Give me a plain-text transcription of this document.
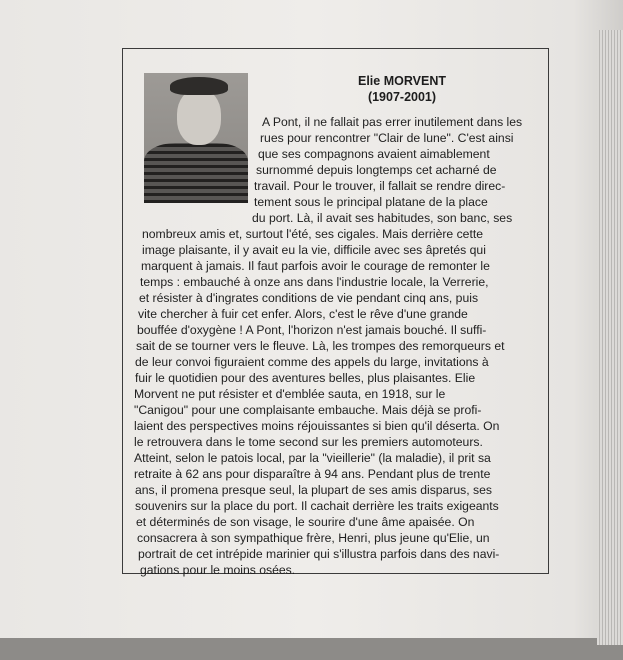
Elie MORVENT
(1907-2001)

A Pont, il ne fallait pas errer inutilement dans les

rues pour rencontrer "Clair de lune". C'est ainsi

que ses compagnons avaient aimablement

surnommé depuis longtemps cet acharné de

travail. Pour le trouver, il fallait se rendre direc-

tement sous le principal platane de la place

du port. Là, il avait ses habitudes, son banc, ses

nombreux amis et, surtout l'été, ses cigales. Mais derrière cette

image plaisante, il y avait eu la vie, difficile avec ses âpretés qui

marquent à jamais. Il faut parfois avoir le courage de remonter le

temps : embauché à onze ans dans l'industrie locale, la Verrerie,

et résister à d'ingrates conditions de vie pendant cinq ans, puis

vite chercher à fuir cet enfer. Alors, c'est le rêve d'une grande

bouffée d'oxygène ! A Pont, l'horizon n'est jamais bouché. Il suffi-

sait de se tourner vers le fleuve. Là, les trompes des remorqueurs et

de leur convoi figuraient comme des appels du large, invitations à

fuir le quotidien pour des aventures belles, plus plaisantes. Elie

Morvent ne put résister et d'emblée sauta, en 1918, sur le

"Canigou" pour une complaisante embauche. Mais déjà se profi-

laient des perspectives moins réjouissantes si bien qu'il déserta. On

le retrouvera dans le tome second sur les premiers automoteurs.

Atteint, selon le patois local, par la "vieillerie" (la maladie), il prit sa

retraite à 62 ans pour disparaître à 94 ans. Pendant plus de trente

ans, il promena presque seul, la plupart de ses amis disparus, ses

souvenirs sur la place du port. Il cachait derrière les traits exigeants

et déterminés de son visage, le sourire d'une âme apaisée. On

consacrera à son sympathique frère, Henri, plus jeune qu'Elie, un

portrait de cet intrépide marinier qui s'illustra parfois dans des navi-

gations pour le moins osées.
